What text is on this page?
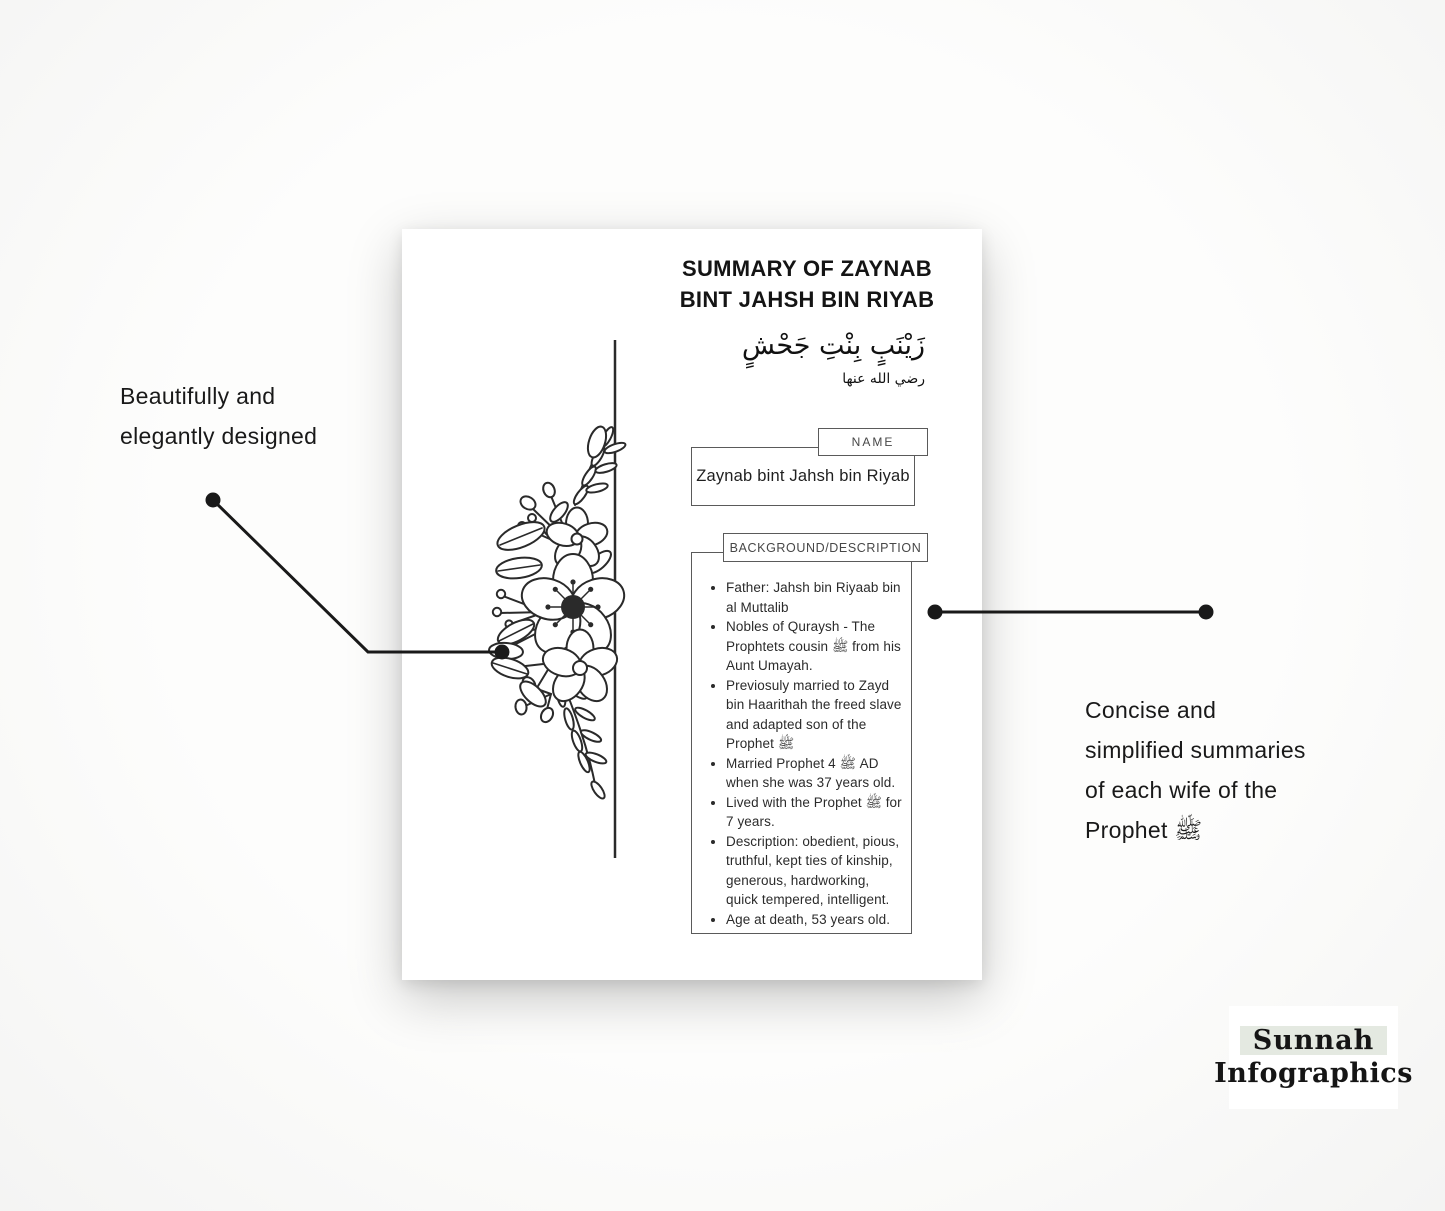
SUMMARY OF ZAYNAB
BINT JAHSH BIN RIYAB
زَيْنَبٍ بِنْتِ جَحْشٍ
رضي الله عنها
NAME
Zaynab bint Jahsh bin Riyab
BACKGROUND/DESCRIPTION
• Father: Jahsh bin Riyaab bin al Muttalib
• Nobles of Quraysh - The Prophtets cousin ﷺ from his Aunt Umayah.
• Previosuly married to Zayd bin Haarithah the freed slave and adapted son of the Prophet ﷺ
• Married Prophet 4 ﷺ AD when she was 37 years old.
• Lived with the Prophet ﷺ for 7 years.
• Description: obedient, pious, truthful, kept ties of kinship, generous, hardworking, quick tempered, intelligent.
• Age at death, 53 years old.
Beautifully and
elegantly designed
Concise and
simplified summaries
of each wife of the
Prophet ﷺ
Sunnah
Infographics
